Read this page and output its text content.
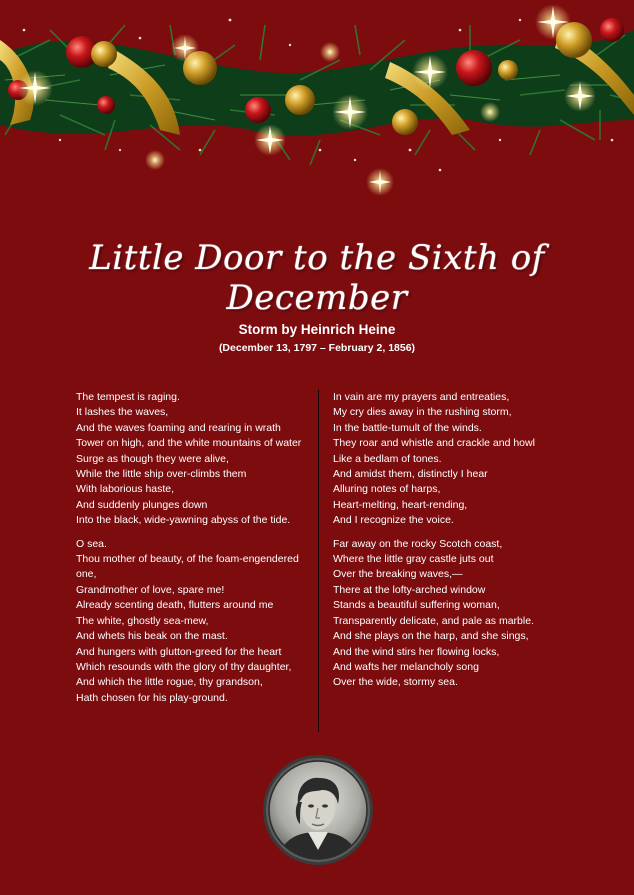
Little Door to the Sixth of December
Storm by Heinrich Heine
(December 13, 1797 – February 2, 1856)
The tempest is raging.
It lashes the waves,
And the waves foaming and rearing in wrath
Tower on high, and the white mountains of water
Surge as though they were alive,
While the little ship over-climbs them
With laborious haste,
And suddenly plunges down
Into the black, wide-yawning abyss of the tide.
O sea.
Thou mother of beauty, of the foam-engendered one,
Grandmother of love, spare me!
Already scenting death, flutters around me
The white, ghostly sea-mew,
And whets his beak on the mast.
And hungers with glutton-greed for the heart
Which resounds with the glory of thy daughter,
And which the little rogue, thy grandson,
Hath chosen for his play-ground.
In vain are my prayers and entreaties,
My cry dies away in the rushing storm,
In the battle-tumult of the winds.
They roar and whistle and crackle and howl
Like a bedlam of tones.
And amidst them, distinctly I hear
Alluring notes of harps,
Heart-melting, heart-rending,
And I recognize the voice.
Far away on the rocky Scotch coast,
Where the little gray castle juts out
Over the breaking waves,—
There at the lofty-arched window
Stands a beautiful suffering woman,
Transparently delicate, and pale as marble.
And she plays on the harp, and she sings,
And the wind stirs her flowing locks,
And wafts her melancholy song
Over the wide, stormy sea.
